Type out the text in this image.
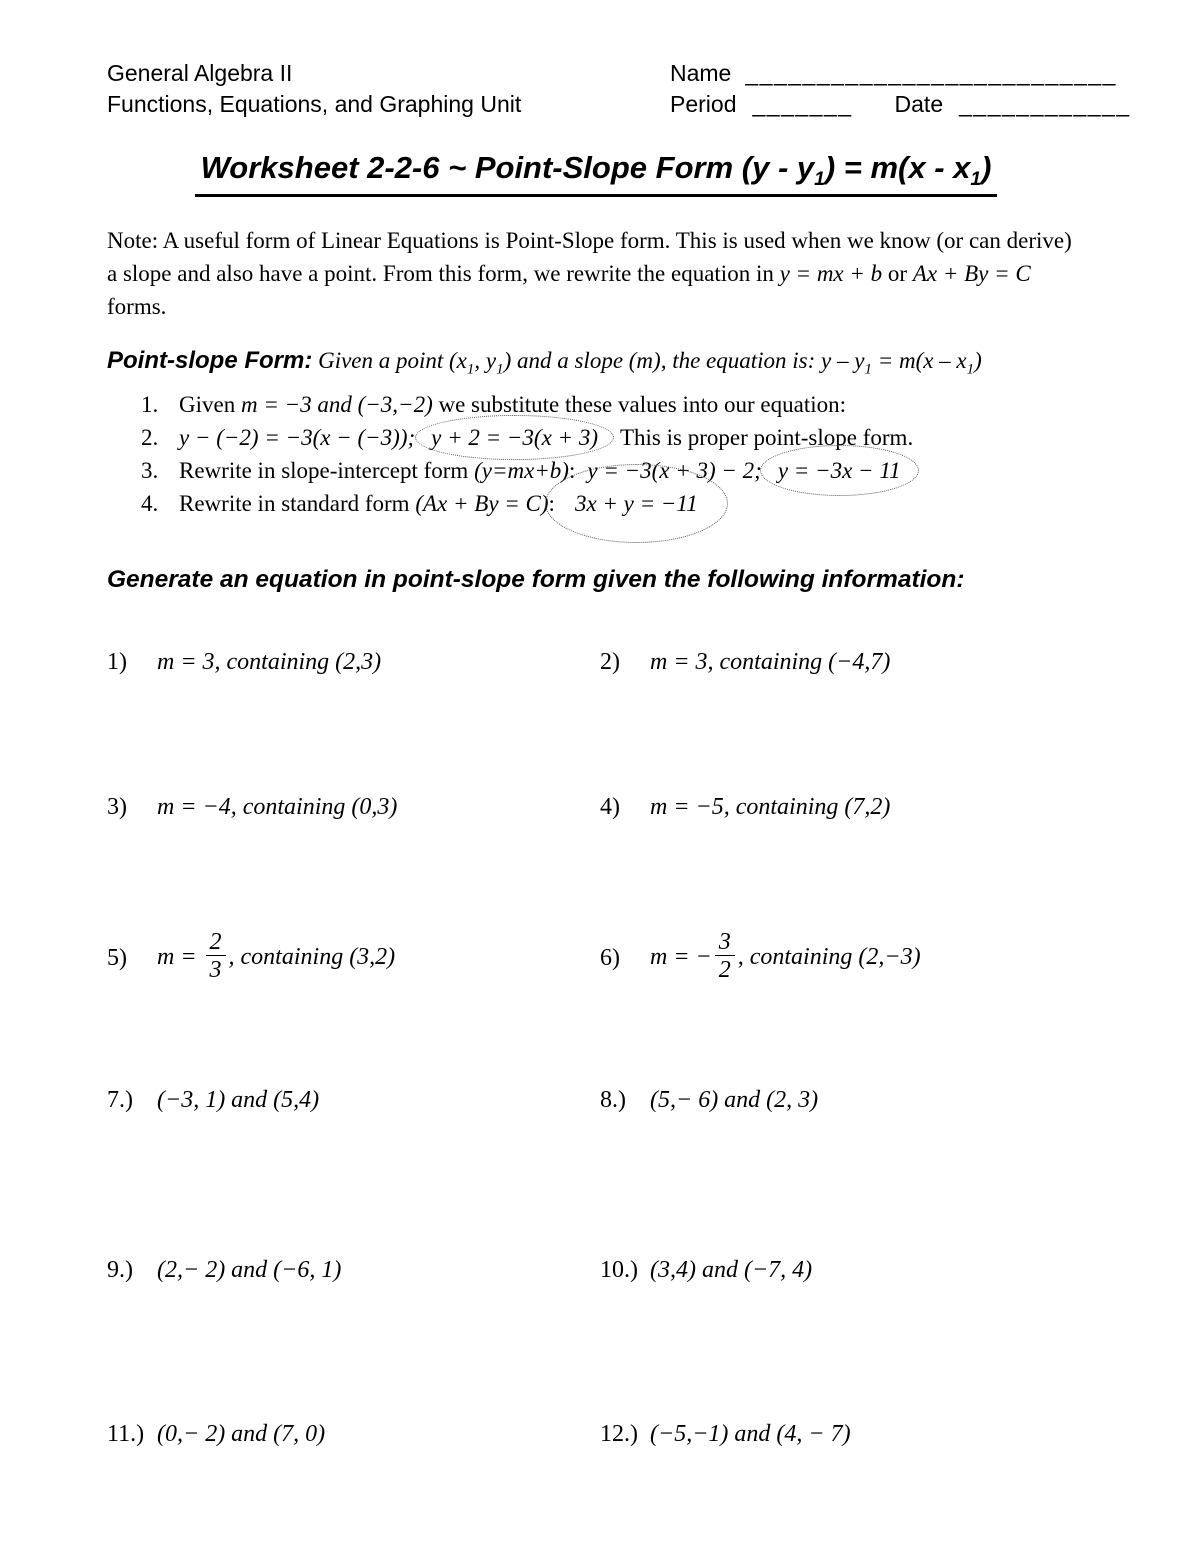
General Algebra II
Functions, Equations, and Graphing Unit
Name __________________________
Period _______ Date ____________
Worksheet 2-2-6 ~ Point-Slope Form $(y - y_1) = m(x - x_1)$

Note: A useful form of Linear Equations is Point-Slope form. This is used when we know (or can derive) a slope and also have a point. From this form, we rewrite the equation in y = mx + b or Ax + By = C forms.

Point-slope Form: Given a point ($x_1$, $y_1$) and a slope (m), the equation is: $y - y_1 = m(x - x_1)$

1. Given m = −3 and (−3,−2) we substitute these values into our equation:
2. y − (−2) = −3(x − (−3)); y + 2 = −3(x + 3) This is proper point-slope form.
3. Rewrite in slope-intercept form (y=mx+b): y = −3(x + 3) − 2; y = −3x − 11
4. Rewrite in standard form (Ax + By = C): 3x + y = −11
Generate an equation in point-slope form given the following information:
1)	m = 3, containing (2,3)	2)	m = 3, containing (−4,7)
3)	m = −4, containing (0,3)	4)	m = −5, containing (7,2)
5)	$m = \frac{2}{3}$ , containing (3,2)	6)	m = − $\frac{3}{2}$ , containing (2,−3)
7.)	(−3, 1) and (5,4)	8.)	(5,− 6) and (2, 3)
9.)	(2,− 2) and (−6, 1)	10.) (3,4) and (−7, 4)
11.) (0,− 2) and (7, 0)	12.) (−5,−1) and (4, − 7)
